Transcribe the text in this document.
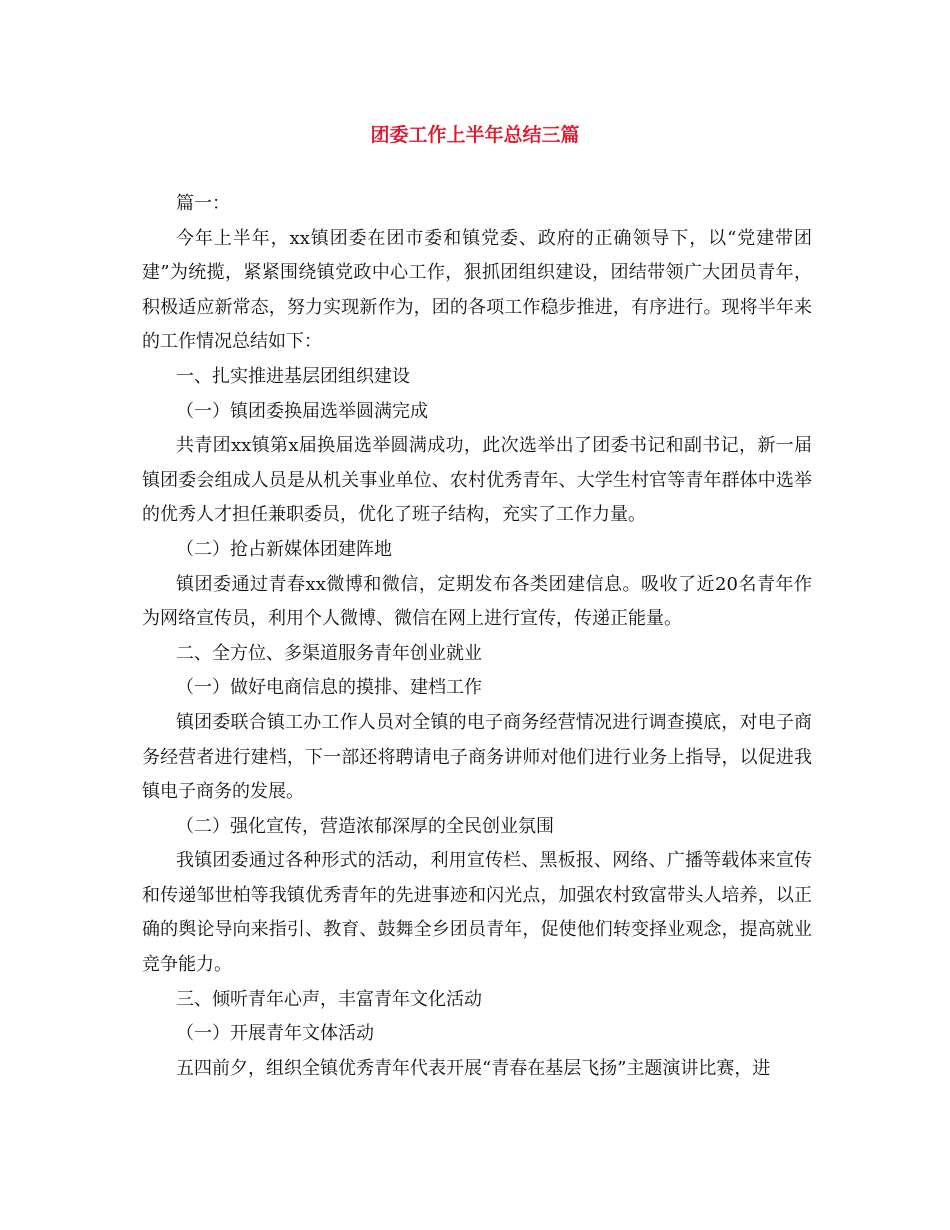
团委工作上半年总结三篇

篇一：

今年上半年，xx镇团委在团市委和镇党委、政府的正确领导下，以“党建带团建”为统揽，紧紧围绕镇党政中心工作，狠抓团组织建设，团结带领广大团员青年，积极适应新常态，努力实现新作为，团的各项工作稳步推进，有序进行。现将半年来的工作情况总结如下：

一、扎实推进基层团组织建设

（一）镇团委换届选举圆满完成

共青团xx镇第x届换届选举圆满成功，此次选举出了团委书记和副书记，新一届镇团委会组成人员是从机关事业单位、农村优秀青年、大学生村官等青年群体中选举的优秀人才担任兼职委员，优化了班子结构，充实了工作力量。

（二）抢占新媒体团建阵地

镇团委通过青春xx微博和微信，定期发布各类团建信息。吸收了近20名青年作为网络宣传员，利用个人微博、微信在网上进行宣传，传递正能量。

二、全方位、多渠道服务青年创业就业

（一）做好电商信息的摸排、建档工作

镇团委联合镇工办工作人员对全镇的电子商务经营情况进行调查摸底，对电子商务经营者进行建档，下一部还将聘请电子商务讲师对他们进行业务上指导，以促进我镇电子商务的发展。

（二）强化宣传，营造浓郁深厚的全民创业氛围

我镇团委通过各种形式的活动，利用宣传栏、黑板报、网络、广播等载体来宣传和传递邹世柏等我镇优秀青年的先进事迹和闪光点，加强农村致富带头人培养，以正确的舆论导向来指引、教育、鼓舞全乡团员青年，促使他们转变择业观念，提高就业竞争能力。

三、倾听青年心声，丰富青年文化活动

（一）开展青年文体活动

五四前夕，组织全镇优秀青年代表开展“青春在基层飞扬”主题演讲比赛，进
